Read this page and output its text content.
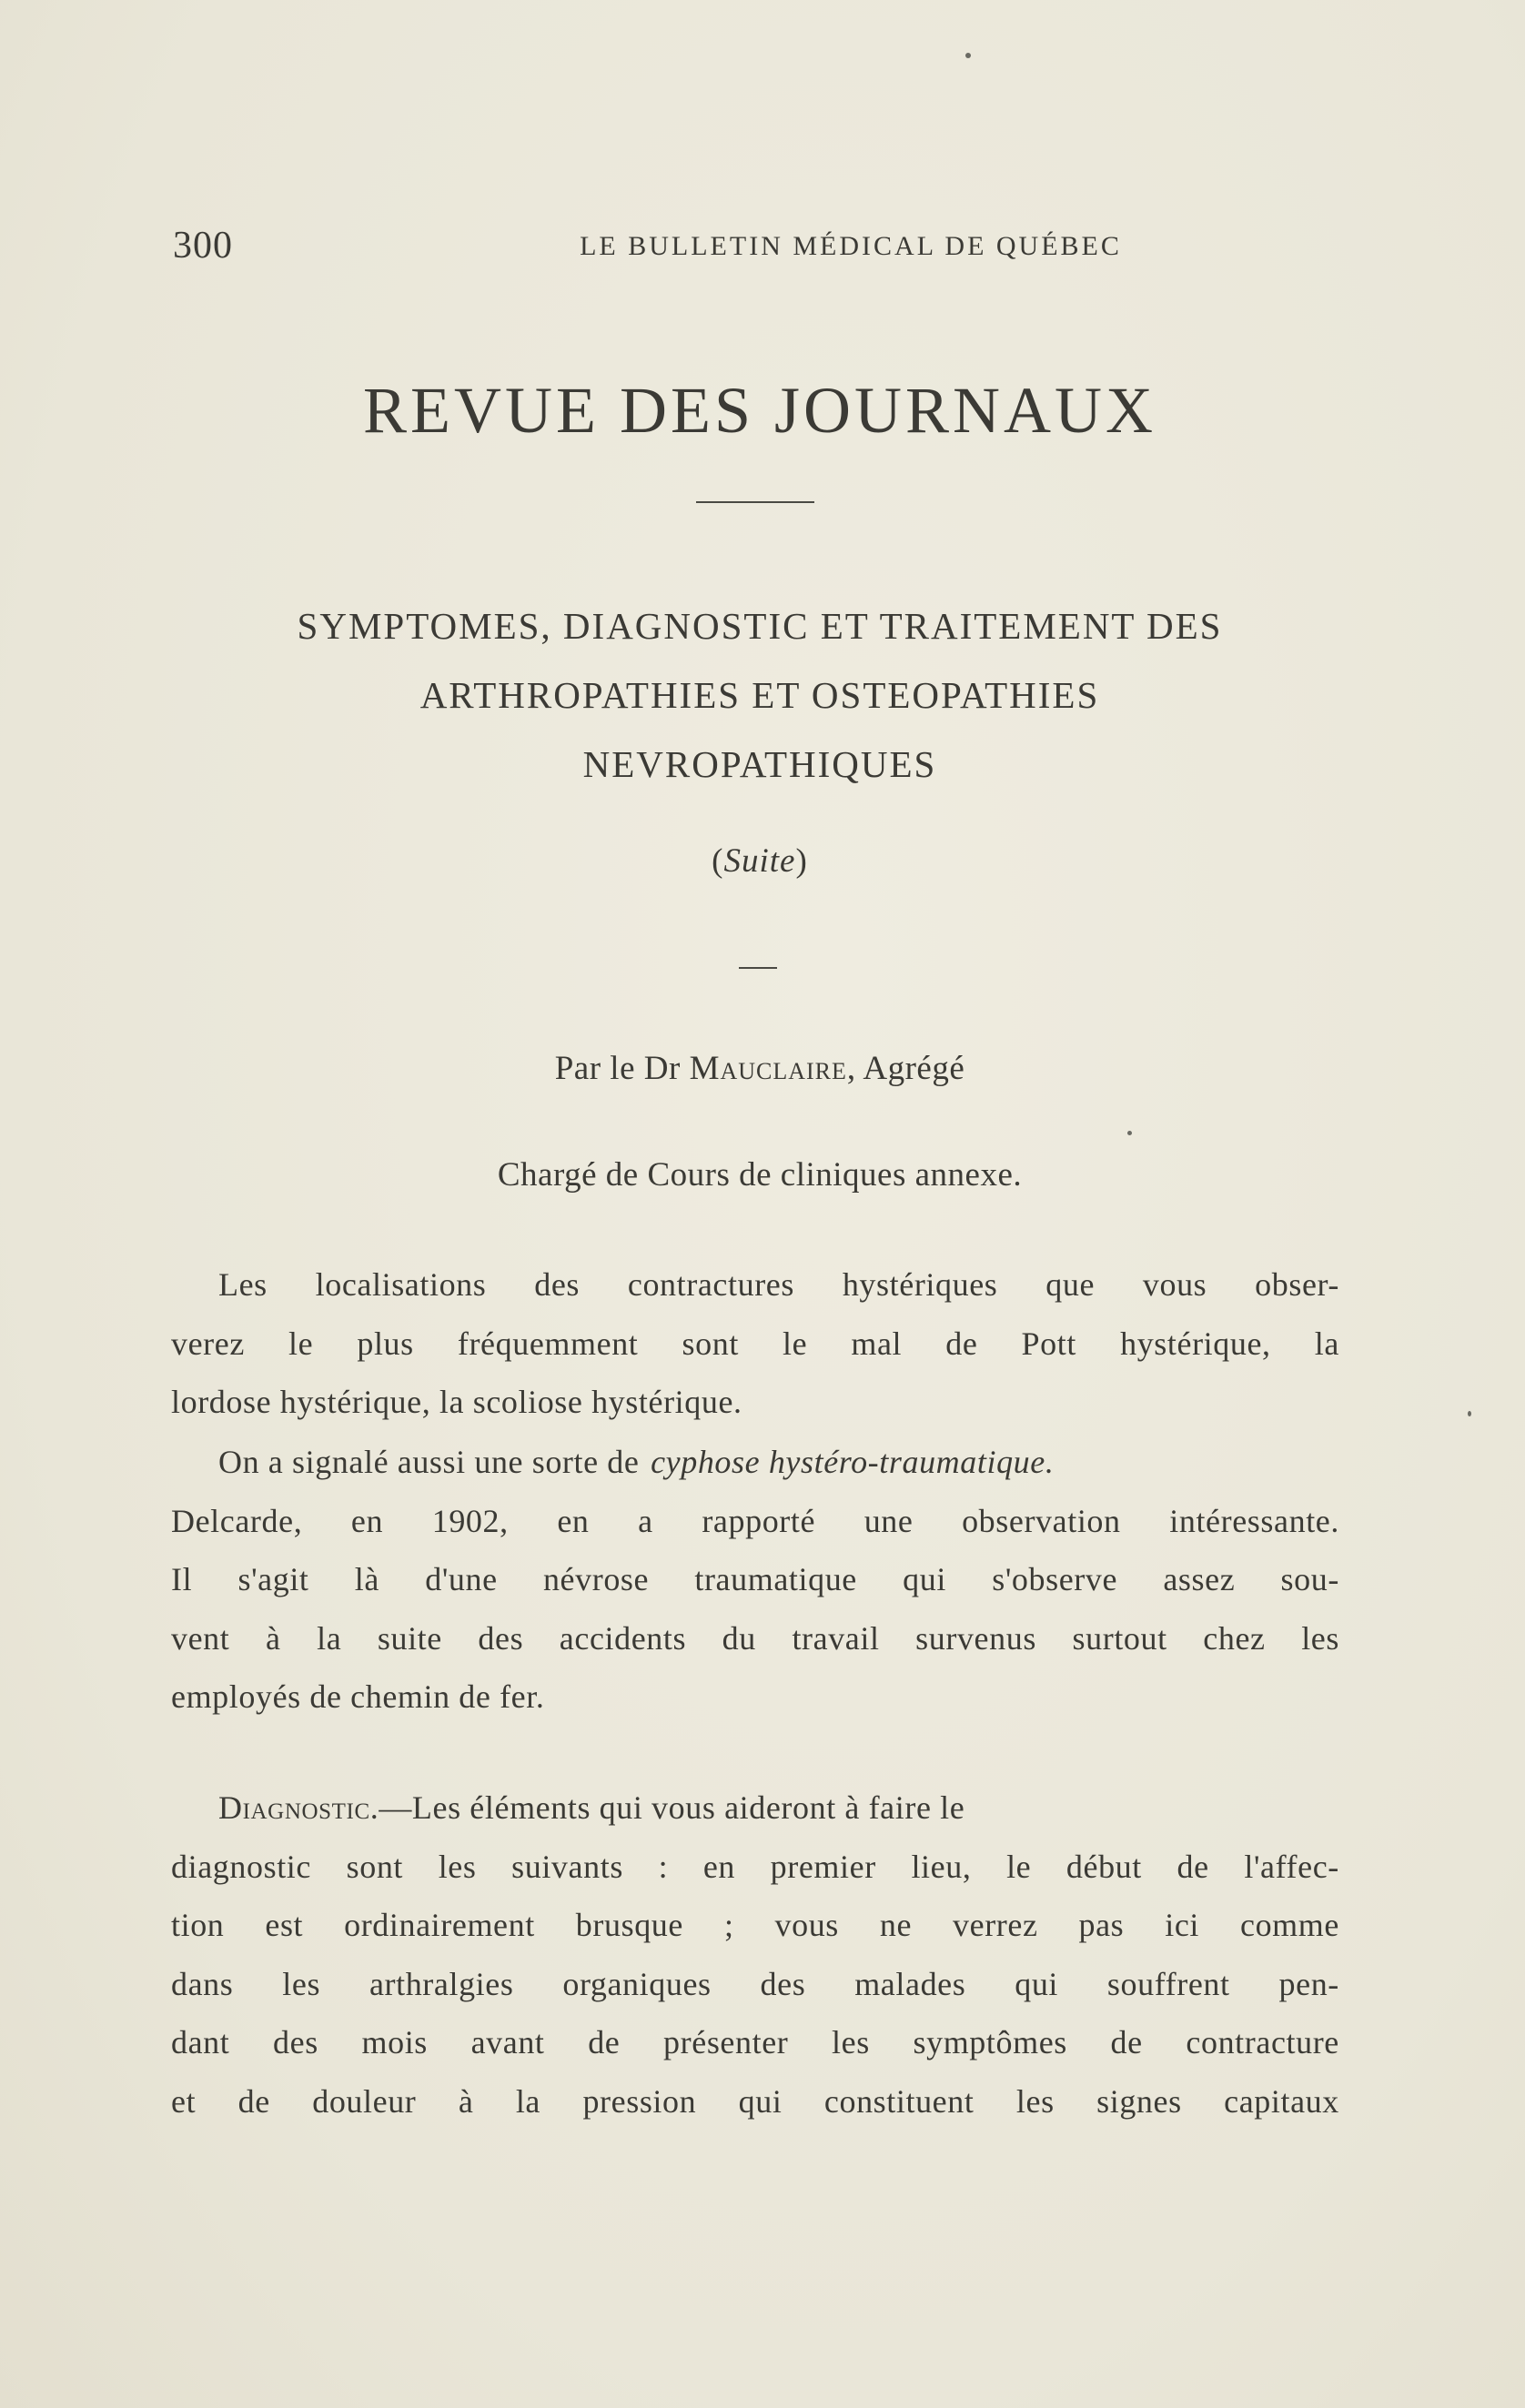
300	LE BULLETIN MÉDICAL DE QUÉBEC
REVUE DES JOURNAUX
SYMPTOMES, DIAGNOSTIC ET TRAITEMENT DES
ARTHROPATHIES ET OSTEOPATHIES
NEVROPATHIQUES
(Suite)
Par le Dr Mauclaire, Agrégé
Chargé de Cours de cliniques annexe.
Les localisations des contractures hystériques que vous obser-
verez le plus fréquemment sont le mal de Pott hystérique, la
lordose hystérique, la scoliose hystérique.
On a signalé aussi une sorte de cyphose hystéro-traumatique.
Delcarde, en 1902, en a rapporté une observation intéressante.
Il s'agit là d'une névrose traumatique qui s'observe assez sou-
vent à la suite des accidents du travail survenus surtout chez les
employés de chemin de fer.
Diagnostic. —Les éléments qui vous aideront à faire le
diagnostic sont les suivants : en premier lieu, le début de l'affec-
tion est ordinairement brusque ; vous ne verrez pas ici comme
dans les arthralgies organiques des malades qui souffrent pen-
dant des mois avant de présenter les symptômes de contracture
et de douleur à la pression qui constituent les signes capitaux
